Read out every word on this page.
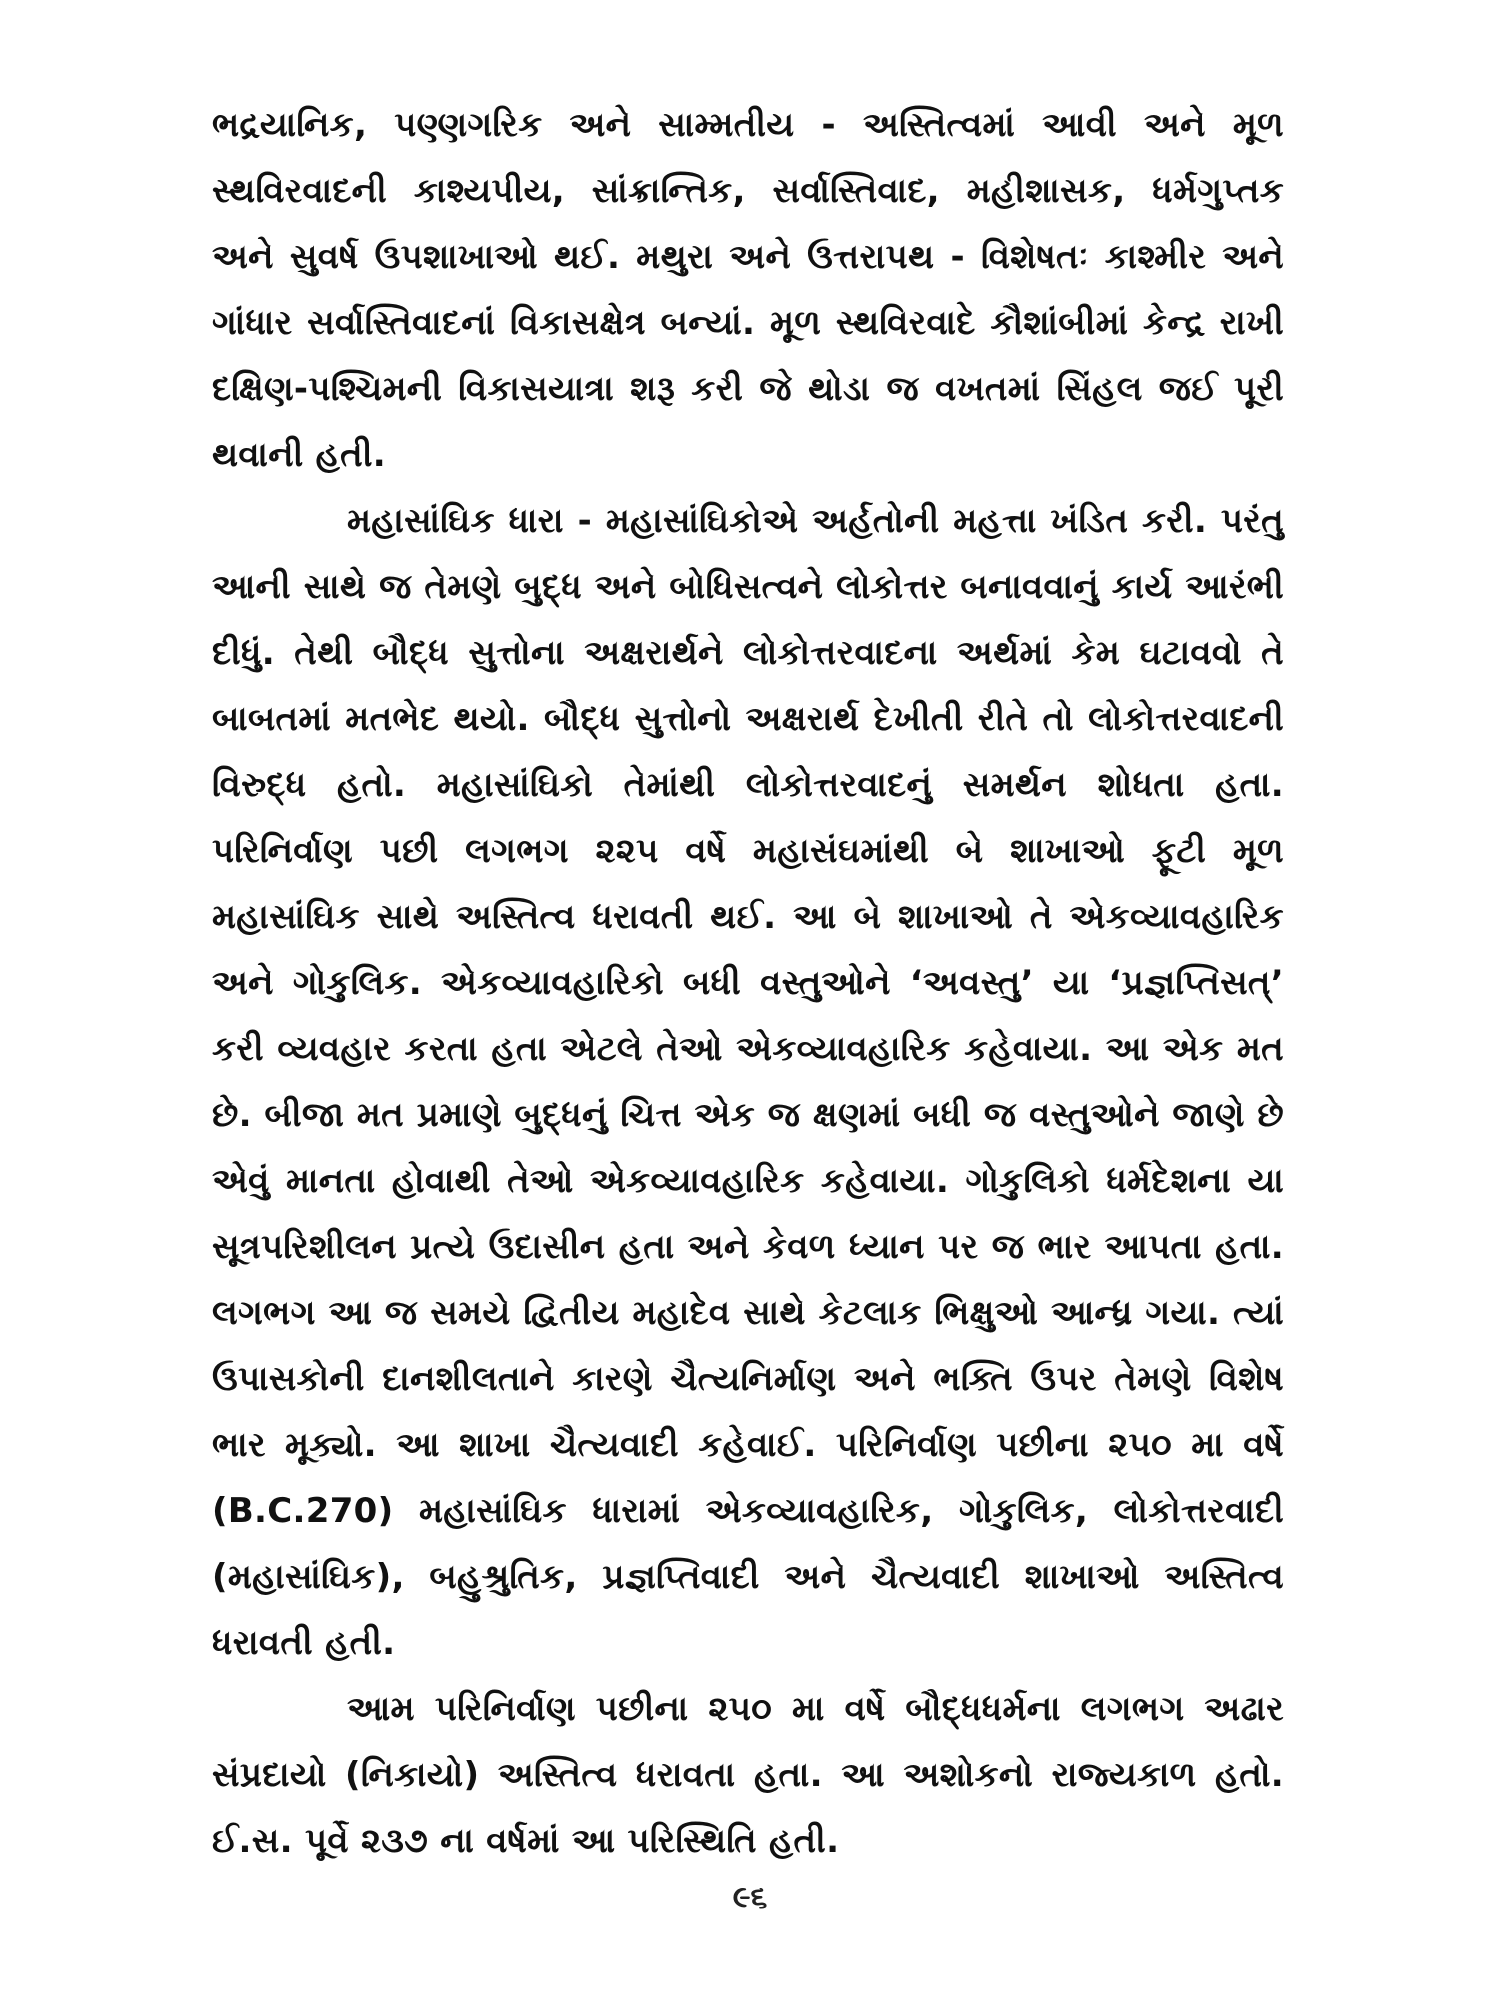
ભદ્રયાનિક, પણ્ણગરિક અને સામ્મતીય - અસ્તિત્વમાં આવી અને મૂળ સ્થવિરવાદની કાશ્યપીય, સાંક્રાન્તિક, સર્વાસ્તિવાદ, મહીશાસક, ધર્મગુપ્તક અને સુવર્ષ ઉપશાખાઓ થઈ. મથુરા અને ઉત્તરાપથ - વિશેષતઃ કાશ્મીર અને ગાંધાર સર્વાસ્તિવાદનાં વિકાસક્ષેત્ર બન્યાં. મૂળ સ્થવિરવાદે કૌશાંબીમાં કેન્દ્ર રાખી દક્ષિણ-પશ્ચિમની વિકાસયાત્રા શરૂ કરી જે થોડા જ વખતમાં સિંહલ જઈ પૂરી થવાની હતી.

મહાસાંઘિક ધારા - મહાસાંઘિકોએ અર્હતોની મહત્તા ખંડિત કરી. પરંતુ આની સાથે જ તેમણે બુદ્ધ અને બોધિસત્વને લોકોત્તર બનાવવાનું કાર્ય આરંભી દીધું. તેથી બૌદ્ધ સુત્તોના અક્ષરાર્થને લોકોત્તરવાદના અર્થમાં કેમ ઘટાવવો તે બાબતમાં મતભેદ થયો. બૌદ્ધ સુત્તોનો અક્ષરાર્થ દેખીતી રીતે તો લોકોત્તરવાદની વિરુદ્ધ હતો. મહાસાંઘિકો તેમાંથી લોકોત્તરવાદનું સમર્થન શોધતા હતા. પરિનિર્વાણ પછી લગભગ ૨૨૫ વર્ષે મહાસંઘમાંથી બે શાખાઓ ફૂટી મૂળ મહાસાંઘિક સાથે અસ્તિત્વ ધરાવતી થઈ. આ બે શાખાઓ તે એકવ્યાવહારિક અને ગોકુલિક. એકવ્યાવહારિકો બધી વસ્તુઓને ‘અવસ્તુ’ યા ‘પ્રજ્ઞપ્તિસત્’ કરી વ્યવહાર કરતા હતા એટલે તેઓ એકવ્યાવહારિક કહેવાયા. આ એક મત છે. બીજા મત પ્રમાણે બુદ્ધનું ચિત્ત એક જ ક્ષણમાં બધી જ વસ્તુઓને જાણે છે એવું માનતા હોવાથી તેઓ એકવ્યાવહારિક કહેવાયા. ગોકુલિકો ધર્મદેશના યા સૂત્રપરિશીલન પ્રત્યે ઉદાસીન હતા અને કેવળ ધ્યાન પર જ ભાર આપતા હતા. લગભગ આ જ સમયે દ્વિતીય મહાદેવ સાથે કેટલાક ભિક્ષુઓ આન્ધ્ર ગયા. ત્યાં ઉપાસકોની દાનશીલતાને કારણે ચૈત્યનિર્માણ અને ભક્તિ ઉપર તેમણે વિશેષ ભાર મૂક્યો. આ શાખા ચૈત્યવાદી કહેવાઈ. પરિનિર્વાણ પછીના ૨૫૦ મા વર્ષે (B.C.270) મહાસાંઘિક ધારામાં એકવ્યાવહારિક, ગોકુલિક, લોકોત્તરવાદી (મહાસાંઘિક), બહુશ્રુતિક, પ્રજ્ઞપ્તિવાદી અને ચૈત્યવાદી શાખાઓ અસ્તિત્વ ધરાવતી હતી.

આમ પરિનિર્વાણ પછીના ૨૫૦ મા વર્ષે બૌદ્ધધર્મના લગભગ અઢાર સંપ્રદાયો (નિકાયો) અસ્તિત્વ ધરાવતા હતા. આ અશોકનો રાજ્યકાળ હતો. ઈ.સ. પૂર્વે ૨૩૭ ના વર્ષમાં આ પરિસ્થિતિ હતી.

૯૬
